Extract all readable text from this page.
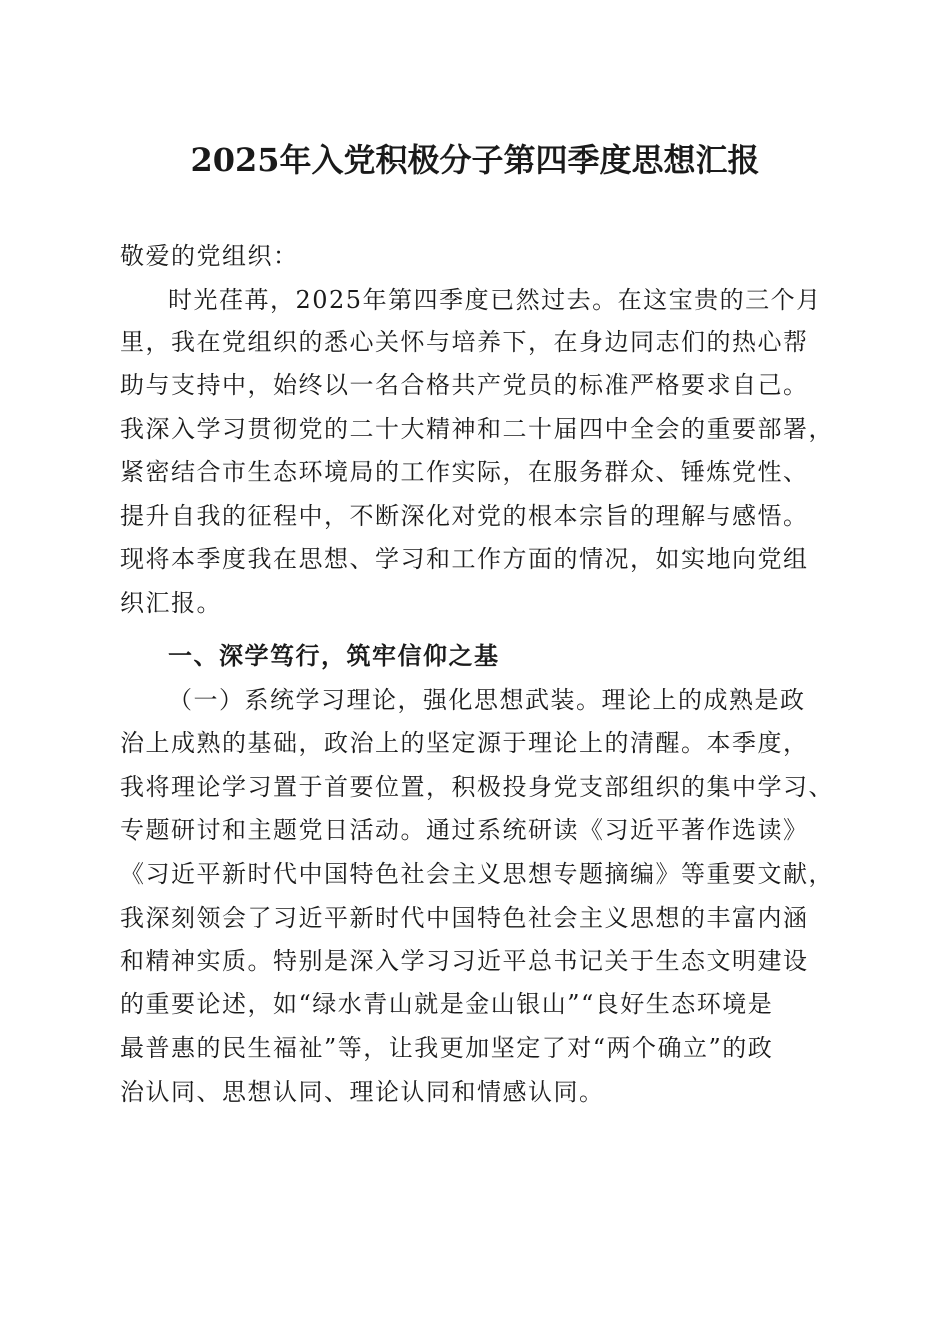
2025年入党积极分子第四季度思想汇报
敬爱的党组织：
时光荏苒，2025年第四季度已然过去。在这宝贵的三个月
里，我在党组织的悉心关怀与培养下，在身边同志们的热心帮
助与支持中，始终以一名合格共产党员的标准严格要求自己。
我深入学习贯彻党的二十大精神和二十届四中全会的重要部署，
紧密结合市生态环境局的工作实际，在服务群众、锤炼党性、
提升自我的征程中，不断深化对党的根本宗旨的理解与感悟。
现将本季度我在思想、学习和工作方面的情况，如实地向党组
织汇报。
一、深学笃行，筑牢信仰之基
（一）系统学习理论，强化思想武装。理论上的成熟是政
治上成熟的基础，政治上的坚定源于理论上的清醒。本季度，
我将理论学习置于首要位置，积极投身党支部组织的集中学习、
专题研讨和主题党日活动。通过系统研读《习近平著作选读》
《习近平新时代中国特色社会主义思想专题摘编》等重要文献，
我深刻领会了习近平新时代中国特色社会主义思想的丰富内涵
和精神实质。特别是深入学习习近平总书记关于生态文明建设
的重要论述，如“绿水青山就是金山银山”“良好生态环境是
最普惠的民生福祉”等，让我更加坚定了对“两个确立”的政
治认同、思想认同、理论认同和情感认同。
